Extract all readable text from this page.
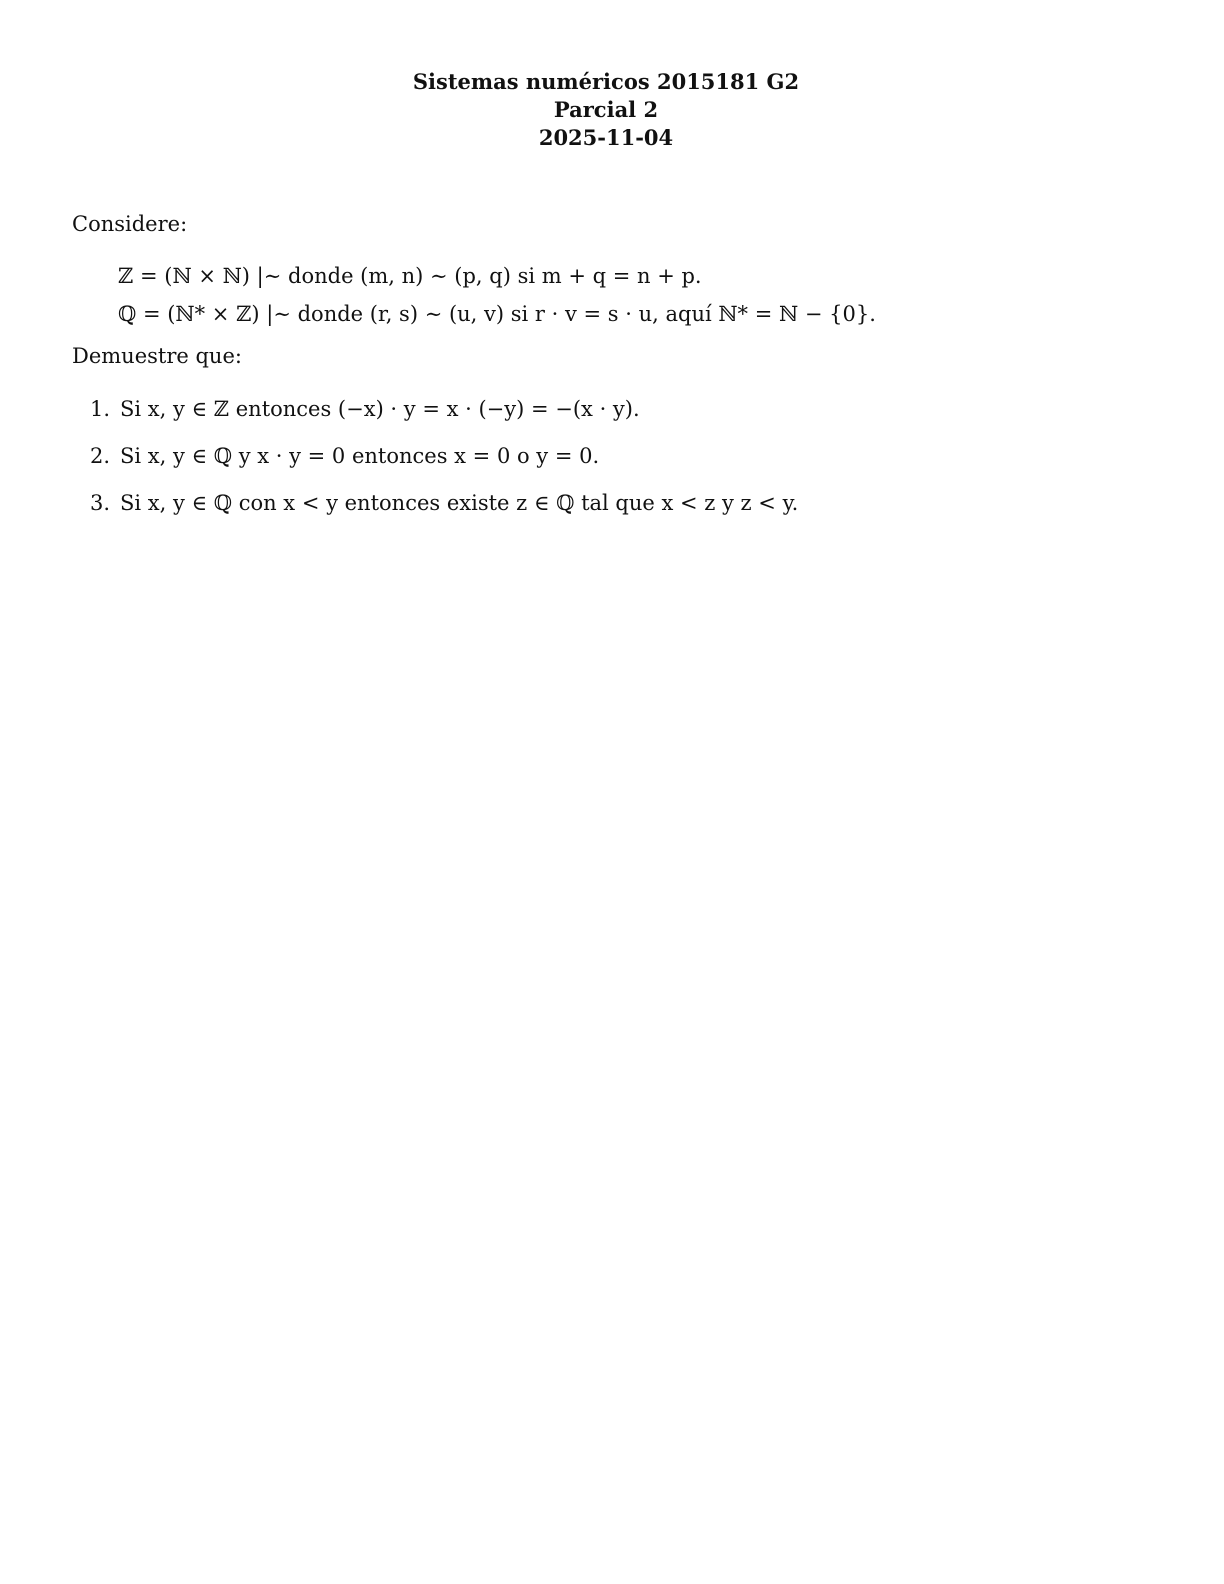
Sistemas numéricos 2015181 G2
Parcial 2
2025-11-04
Considere:
ℤ = (ℕ × ℕ) |∼ donde (m, n) ∼ (p, q) si m + q = n + p.
ℚ = (ℕ* × ℤ) |∼ donde (r, s) ∼ (u, v) si r · v = s · u, aquí ℕ* = ℕ − {0}.
Demuestre que:
1. Si x, y ∈ ℤ entonces (−x) · y = x · (−y) = −(x · y).
2. Si x, y ∈ ℚ y x · y = 0 entonces x = 0 o y = 0.
3. Si x, y ∈ ℚ con x < y entonces existe z ∈ ℚ tal que x < z y z < y.
